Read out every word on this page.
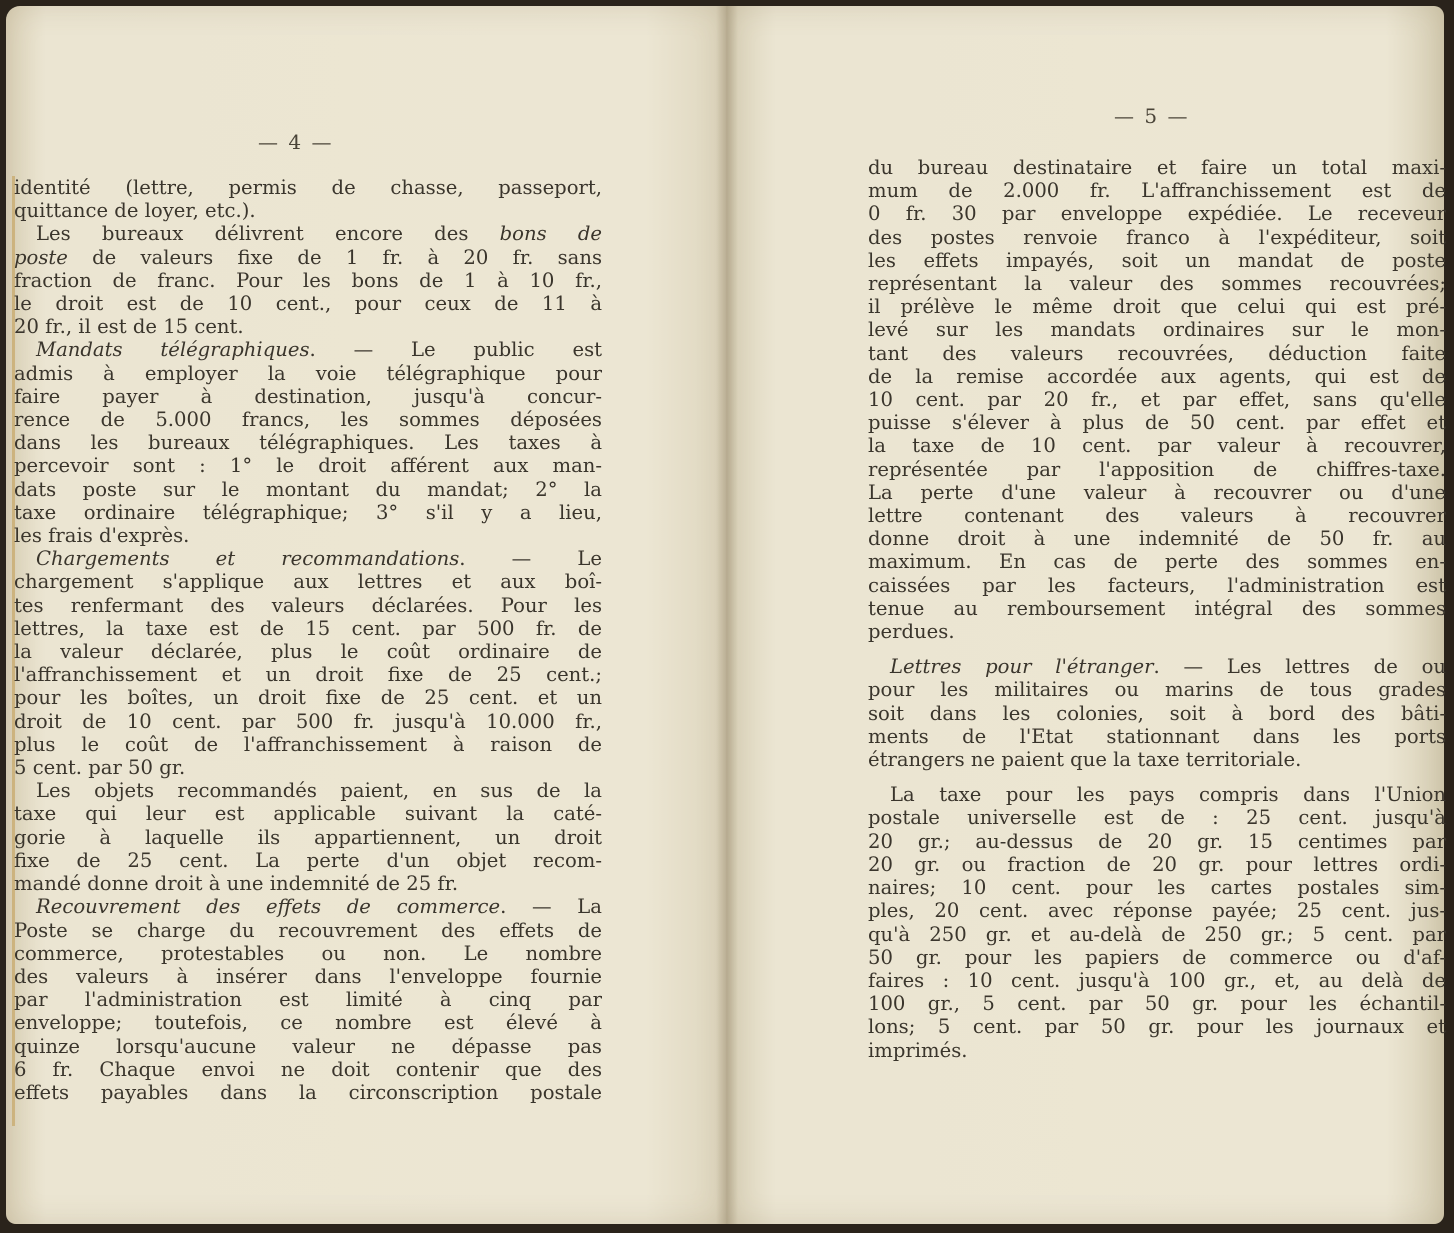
— 4 —
identité (lettre, permis de chasse, passeport,
quittance de loyer, etc.).
Les bureaux délivrent encore des bons de
poste de valeurs fixe de 1 fr. à 20 fr. sans
fraction de franc. Pour les bons de 1 à 10 fr.,
le droit est de 10 cent., pour ceux de 11 à
20 fr., il est de 15 cent.
Mandats télégraphiques. — Le public est
admis à employer la voie télégraphique pour
faire payer à destination, jusqu'à concur-
rence de 5.000 francs, les sommes déposées
dans les bureaux télégraphiques. Les taxes à
percevoir sont : 1° le droit afférent aux man-
dats poste sur le montant du mandat; 2° la
taxe ordinaire télégraphique; 3° s'il y a lieu,
les frais d'exprès.
Chargements et recommandations. — Le
chargement s'applique aux lettres et aux boî-
tes renfermant des valeurs déclarées. Pour les
lettres, la taxe est de 15 cent. par 500 fr. de
la valeur déclarée, plus le coût ordinaire de
l'affranchissement et un droit fixe de 25 cent.;
pour les boîtes, un droit fixe de 25 cent. et un
droit de 10 cent. par 500 fr. jusqu'à 10.000 fr.,
plus le coût de l'affranchissement à raison de
5 cent. par 50 gr.
Les objets recommandés paient, en sus de la
taxe qui leur est applicable suivant la caté-
gorie à laquelle ils appartiennent, un droit
fixe de 25 cent. La perte d'un objet recom-
mandé donne droit à une indemnité de 25 fr.
Recouvrement des effets de commerce. — La
Poste se charge du recouvrement des effets de
commerce, protestables ou non. Le nombre
des valeurs à insérer dans l'enveloppe fournie
par l'administration est limité à cinq par
enveloppe; toutefois, ce nombre est élevé à
quinze lorsqu'aucune valeur ne dépasse pas
6 fr. Chaque envoi ne doit contenir que des
effets payables dans la circonscription postale
— 5 —
du bureau destinataire et faire un total maxi-
mum de 2.000 fr. L'affranchissement est de
0 fr. 30 par enveloppe expédiée. Le receveur
des postes renvoie franco à l'expéditeur, soit
les effets impayés, soit un mandat de poste
représentant la valeur des sommes recouvrées;
il prélève le même droit que celui qui est pré-
levé sur les mandats ordinaires sur le mon-
tant des valeurs recouvrées, déduction faite
de la remise accordée aux agents, qui est de
10 cent. par 20 fr., et par effet, sans qu'elle
puisse s'élever à plus de 50 cent. par effet et
la taxe de 10 cent. par valeur à recouvrer,
représentée par l'apposition de chiffres-taxe.
La perte d'une valeur à recouvrer ou d'une
lettre contenant des valeurs à recouvrer
donne droit à une indemnité de 50 fr. au
maximum. En cas de perte des sommes en-
caissées par les facteurs, l'administration est
tenue au remboursement intégral des sommes
perdues.
Lettres pour l'étranger. — Les lettres de ou
pour les militaires ou marins de tous grades
soit dans les colonies, soit à bord des bâti-
ments de l'Etat stationnant dans les ports
étrangers ne paient que la taxe territoriale.
La taxe pour les pays compris dans l'Union
postale universelle est de : 25 cent. jusqu'à
20 gr.; au-dessus de 20 gr. 15 centimes par
20 gr. ou fraction de 20 gr. pour lettres ordi-
naires; 10 cent. pour les cartes postales sim-
ples, 20 cent. avec réponse payée; 25 cent. jus-
qu'à 250 gr. et au-delà de 250 gr.; 5 cent. par
50 gr. pour les papiers de commerce ou d'af-
faires : 10 cent. jusqu'à 100 gr., et, au delà de
100 gr., 5 cent. par 50 gr. pour les échantil-
lons; 5 cent. par 50 gr. pour les journaux et
imprimés.
